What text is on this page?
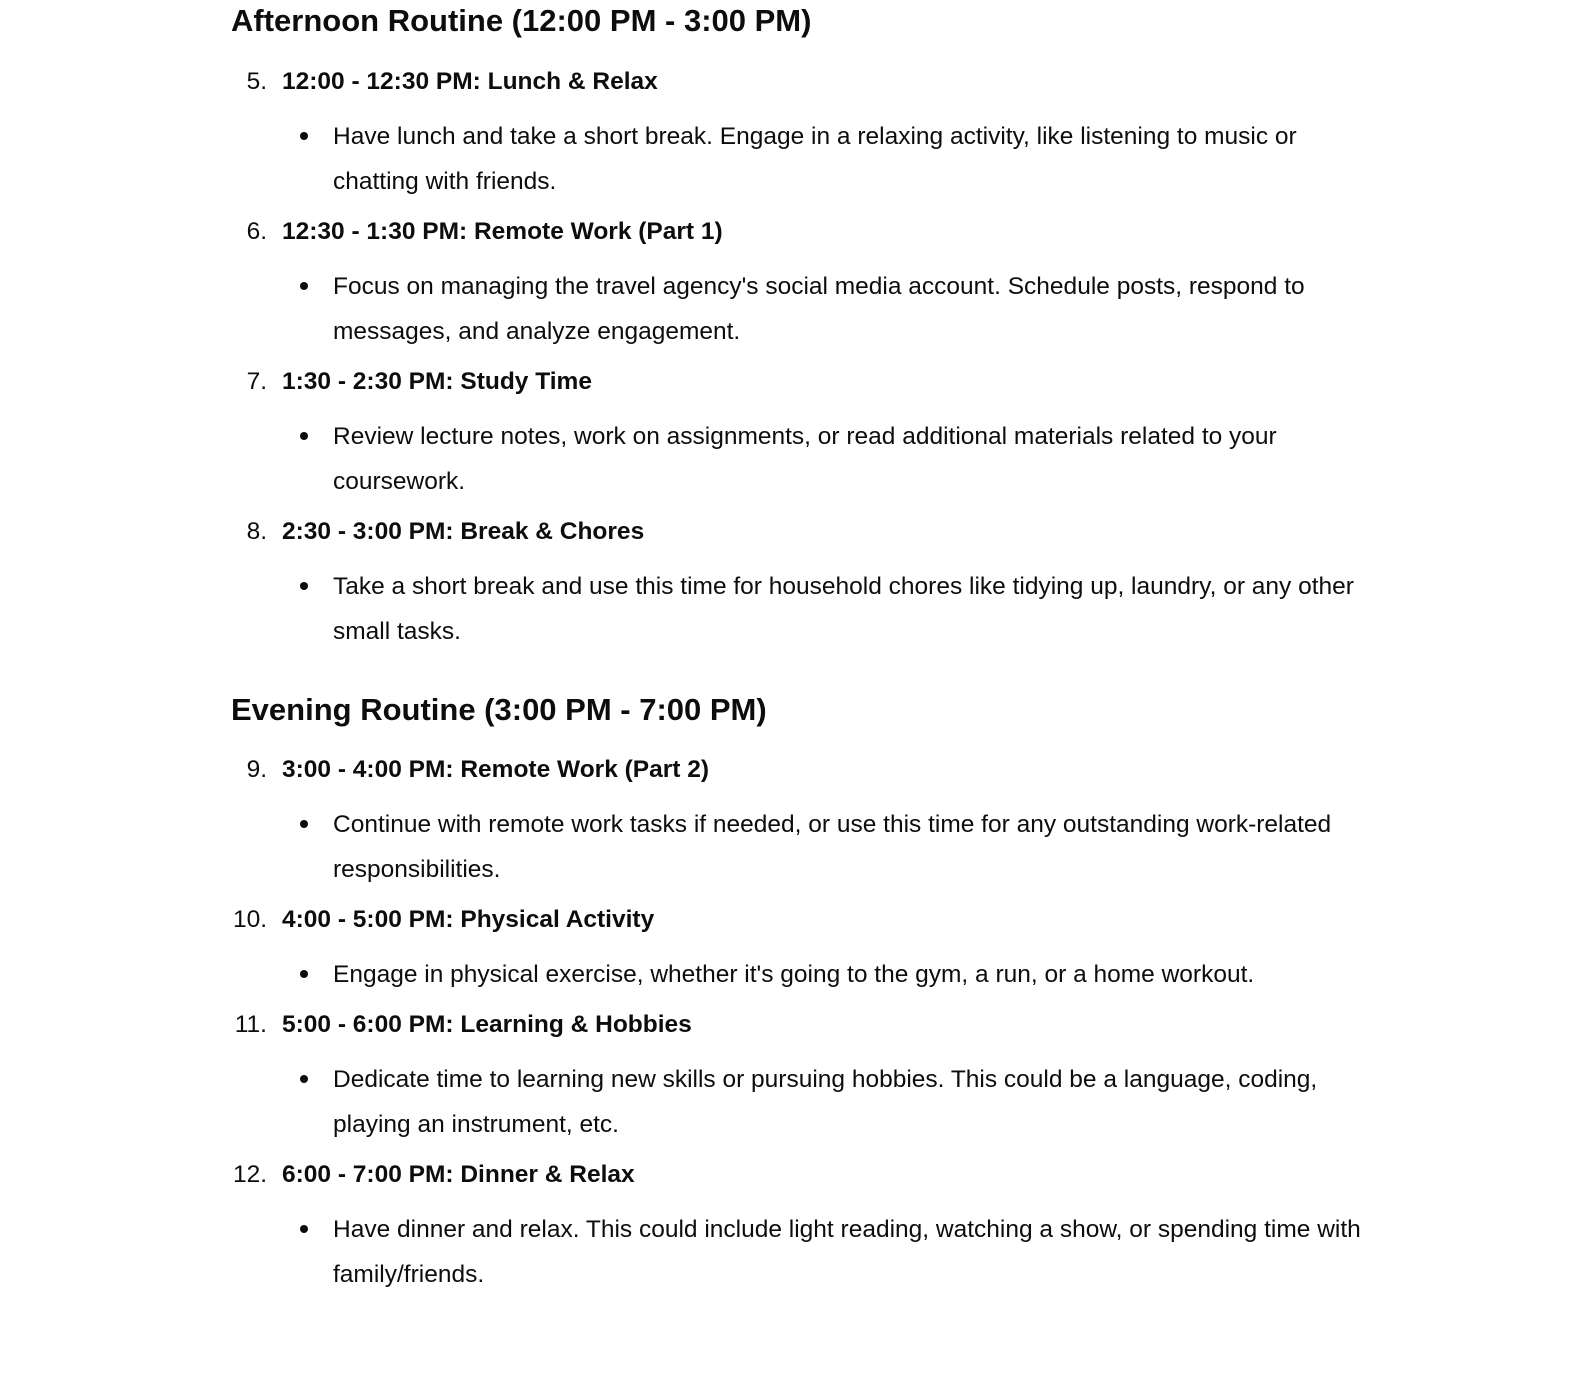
Afternoon Routine (12:00 PM - 3:00 PM)
5. 12:00 - 12:30 PM: Lunch & Relax
Have lunch and take a short break. Engage in a relaxing activity, like listening to music or chatting with friends.
6. 12:30 - 1:30 PM: Remote Work (Part 1)
Focus on managing the travel agency's social media account. Schedule posts, respond to messages, and analyze engagement.
7. 1:30 - 2:30 PM: Study Time
Review lecture notes, work on assignments, or read additional materials related to your coursework.
8. 2:30 - 3:00 PM: Break & Chores
Take a short break and use this time for household chores like tidying up, laundry, or any other small tasks.
Evening Routine (3:00 PM - 7:00 PM)
9. 3:00 - 4:00 PM: Remote Work (Part 2)
Continue with remote work tasks if needed, or use this time for any outstanding work-related responsibilities.
10. 4:00 - 5:00 PM: Physical Activity
Engage in physical exercise, whether it's going to the gym, a run, or a home workout.
11. 5:00 - 6:00 PM: Learning & Hobbies
Dedicate time to learning new skills or pursuing hobbies. This could be a language, coding, playing an instrument, etc.
12. 6:00 - 7:00 PM: Dinner & Relax
Have dinner and relax. This could include light reading, watching a show, or spending time with family/friends.
